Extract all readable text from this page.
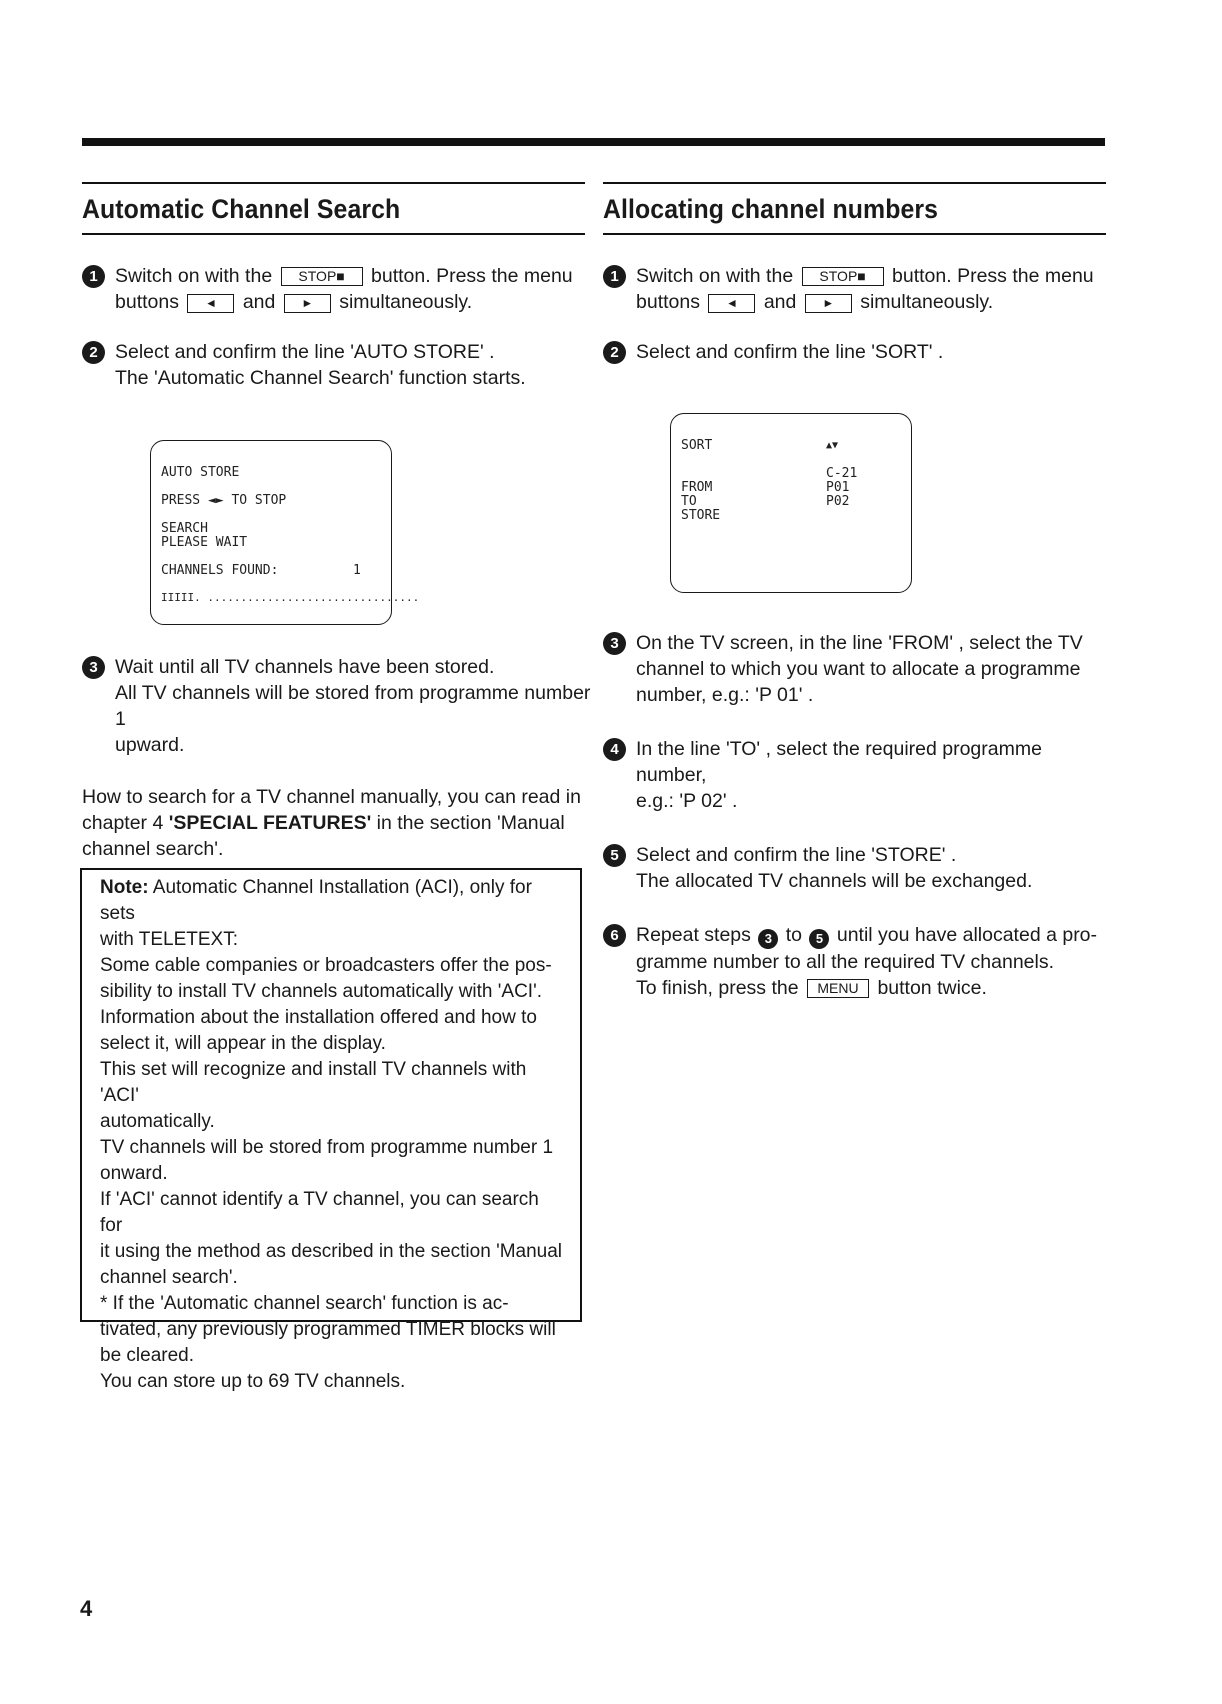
Automatic Channel Search
1 Switch on with the STOP■ button. Press the menu
buttons ◄ and ► simultaneously.
2 Select and confirm the line 'AUTO STORE' .
The 'Automatic Channel Search' function starts.
AUTO STORE
PRESS ◄► TO STOP
SEARCH
PLEASE WAIT
CHANNELS FOUND:	1
IIIII. ................................
3 Wait until all TV channels have been stored.
All TV channels will be stored from programme number 1
upward.
How to search for a TV channel manually, you can read in
chapter 4 'SPECIAL FEATURES' in the section 'Manual
channel search'.
Note: Automatic Channel Installation (ACI), only for sets
with TELETEXT:
Some cable companies or broadcasters offer the pos-
sibility to install TV channels automatically with 'ACI'.
Information about the installation offered and how to
select it, will appear in the display.
This set will recognize and install TV channels with 'ACI'
automatically.
TV channels will be stored from programme number 1
onward.
If 'ACI' cannot identify a TV channel, you can search for
it using the method as described in the section 'Manual
channel search'.
* If the 'Automatic channel search' function is ac-
tivated, any previously programmed TIMER blocks will
be cleared.
You can store up to 69 TV channels.
Allocating channel numbers
1 Switch on with the STOP■ button. Press the menu
buttons ◄ and ► simultaneously.
2 Select and confirm the line 'SORT' .
SORT	▲▼
C-21
FROM	P01
TO	P02
STORE
3 On the TV screen, in the line 'FROM' , select the TV
channel to which you want to allocate a programme
number, e.g.: 'P 01' .
4 In the line 'TO' , select the required programme number,
e.g.: 'P 02' .
5 Select and confirm the line 'STORE' .
The allocated TV channels will be exchanged.
6 Repeat steps 3 to 5 until you have allocated a pro-
gramme number to all the required TV channels.
To finish, press the MENU button twice.
4
